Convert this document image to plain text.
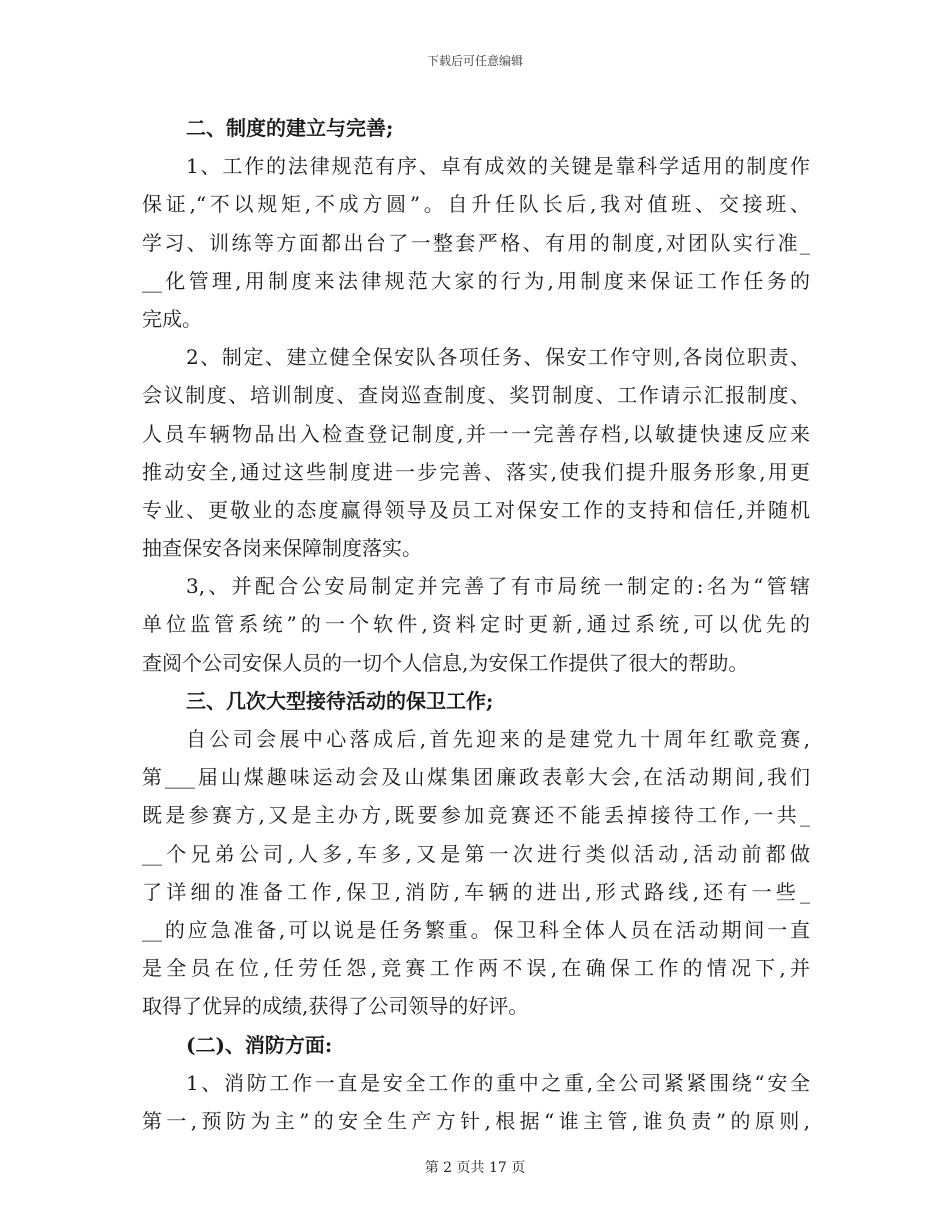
下载后可任意编辑
二、制度的建立与完善;
1、工作的法律规范有序、卓有成效的关键是靠科学适用的制度作
保证,“不以规矩,不成方圆”。自升任队长后,我对值班、交接班、
学习、训练等方面都出台了一整套严格、有用的制度,对团队实行准_
__化管理,用制度来法律规范大家的行为,用制度来保证工作任务的
完成。
2、制定、建立健全保安队各项任务、保安工作守则,各岗位职责、
会议制度、培训制度、查岗巡查制度、奖罚制度、工作请示汇报制度、
人员车辆物品出入检查登记制度,并一一完善存档,以敏捷快速反应来
推动安全,通过这些制度进一步完善、落实,使我们提升服务形象,用更
专业、更敬业的态度赢得领导及员工对保安工作的支持和信任,并随机
抽查保安各岗来保障制度落实。
3,、并配合公安局制定并完善了有市局统一制定的:名为“管辖
单位监管系统”的一个软件,资料定时更新,通过系统,可以优先的
查阅个公司安保人员的一切个人信息,为安保工作提供了很大的帮助。
三、几次大型接待活动的保卫工作;
自公司会展中心落成后,首先迎来的是建党九十周年红歌竞赛,
第___届山煤趣味运动会及山煤集团廉政表彰大会,在活动期间,我们
既是参赛方,又是主办方,既要参加竞赛还不能丢掉接待工作,一共_
__个兄弟公司,人多,车多,又是第一次进行类似活动,活动前都做
了详细的准备工作,保卫,消防,车辆的进出,形式路线,还有一些_
__的应急准备,可以说是任务繁重。保卫科全体人员在活动期间一直
是全员在位,任劳任怨,竞赛工作两不误,在确保工作的情况下,并
取得了优异的成绩,获得了公司领导的好评。
(二)、消防方面:
1、消防工作一直是安全工作的重中之重,全公司紧紧围绕“安全
第一,预防为主”的安全生产方针,根据“谁主管,谁负责”的原则,
第 2 页共 17 页
